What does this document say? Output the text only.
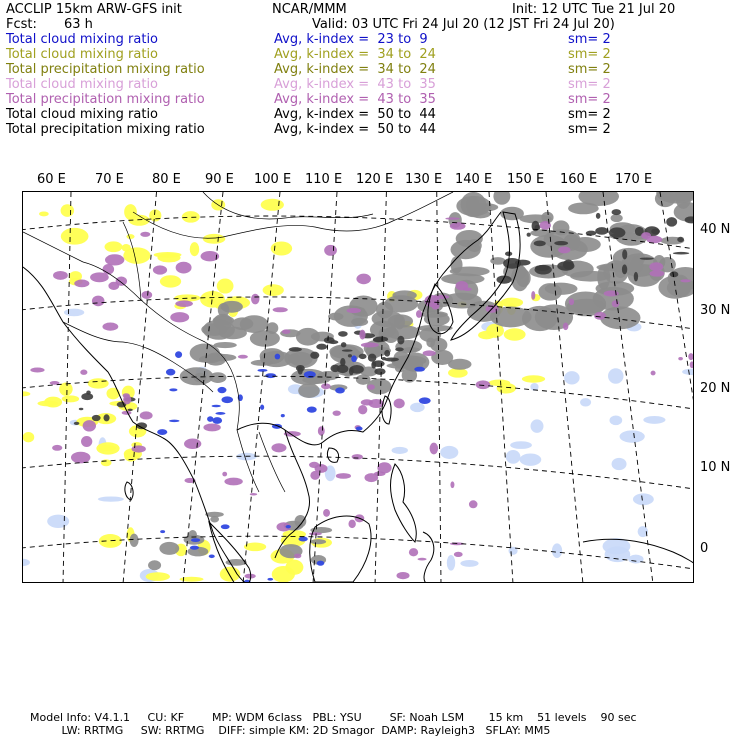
ACCLIP 15km ARW-GFS init	NCAR/MMM	Init: 12 UTC Tue 21 Jul 20
Fcst: 63 h	Valid: 03 UTC Fri 24 Jul 20 (12 JST Fri 24 Jul 20)
Total cloud mixing ratio	Avg, k-index =  23 to  9	sm= 2
Total cloud mixing ratio	Avg, k-index =  34 to  24	sm= 2
Total precipitation mixing ratio	Avg, k-index =  34 to  24	sm= 2
Total cloud mixing ratio	Avg, k-index =  43 to  35	sm= 2
Total precipitation mixing ratio	Avg, k-index =  43 to  35	sm= 2
Total cloud mixing ratio	Avg, k-index =  50 to  44	sm= 2
Total precipitation mixing ratio	Avg, k-index =  50 to  44	sm= 2
60 E 70 E 80 E 90 E 100 E 110 E 120 E 130 E 140 E 150 E 160 E 170 E
40 N
30 N
20 N
10 N
0
Model Info: V4.1.1     CU: KF        MP: WDM 6class   PBL: YSU        SF: Noah LSM       15 km    51 levels    90 sec
LW: RRTMG     SW: RRTMG    DIFF: simple KM: 2D Smagor  DAMP: Rayleigh3   SFLAY: MM5
